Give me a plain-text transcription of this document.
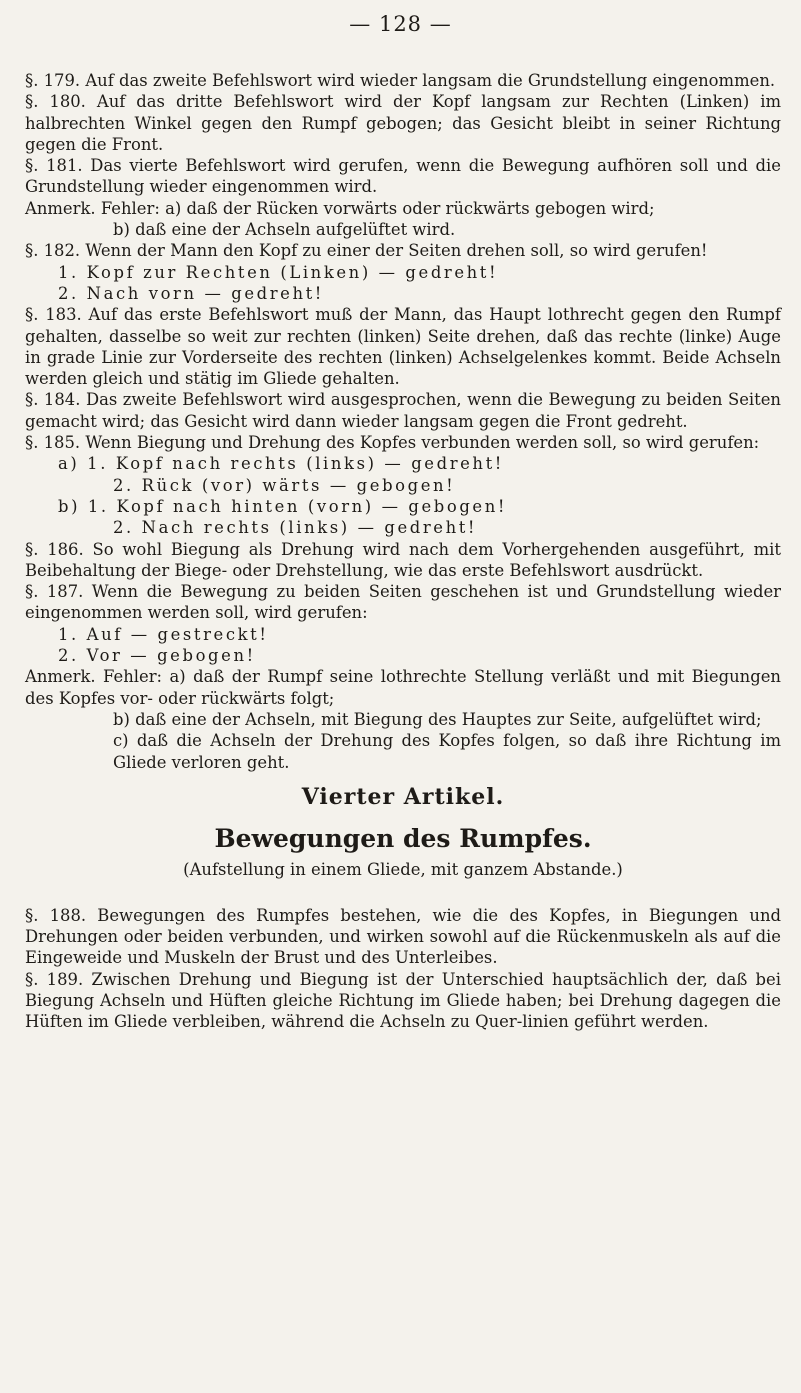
— 128 —

§. 179. Auf das zweite Befehlswort wird wieder langsam die Grundstellung eingenommen.

§. 180. Auf das dritte Befehlswort wird der Kopf langsam zur Rechten (Linken) im halbrechten Winkel gegen den Rumpf gebogen; das Gesicht bleibt in seiner Richtung gegen die Front.

§. 181. Das vierte Befehlswort wird gerufen, wenn die Bewegung aufhören soll und die Grundstellung wieder eingenommen wird.

Anmerk. Fehler: a) daß der Rücken vorwärts oder rückwärts gebogen wird;

b) daß eine der Achseln aufgelüftet wird.

§. 182. Wenn der Mann den Kopf zu einer der Seiten drehen soll, so wird gerufen!

1. Kopf zur Rechten (Linken) — gedreht!

2. Nach vorn — gedreht!

§. 183. Auf das erste Befehlswort muß der Mann, das Haupt lothrecht gegen den Rumpf gehalten, dasselbe so weit zur rechten (linken) Seite drehen, daß das rechte (linke) Auge in grade Linie zur Vorderseite des rechten (linken) Achselgelenkes kommt. Beide Achseln werden gleich und stätig im Gliede gehalten.

§. 184. Das zweite Befehlswort wird ausgesprochen, wenn die Bewegung zu beiden Seiten gemacht wird; das Gesicht wird dann wieder langsam gegen die Front gedreht.

§. 185. Wenn Biegung und Drehung des Kopfes verbunden werden soll, so wird gerufen:

a) 1. Kopf nach rechts (links) — gedreht!

2. Rück (vor) wärts — gebogen!

b) 1. Kopf nach hinten (vorn) — gebogen!

2. Nach rechts (links) — gedreht!

§. 186. So wohl Biegung als Drehung wird nach dem Vorhergehenden ausgeführt, mit Beibehaltung der Biege- oder Drehstellung, wie das erste Befehlswort ausdrückt.

§. 187. Wenn die Bewegung zu beiden Seiten geschehen ist und Grundstellung wieder eingenommen werden soll, wird gerufen:

1. Auf — gestreckt!

2. Vor — gebogen!

Anmerk. Fehler: a) daß der Rumpf seine lothrechte Stellung verläßt und mit Biegungen des Kopfes vor- oder rückwärts folgt;

b) daß eine der Achseln, mit Biegung des Hauptes zur Seite, aufgelüftet wird;

c) daß die Achseln der Drehung des Kopfes folgen, so daß ihre Richtung im Gliede verloren geht.

Vierter Artikel.

Bewegungen des Rumpfes.

(Aufstellung in einem Gliede, mit ganzem Abstande.)

§. 188. Bewegungen des Rumpfes bestehen, wie die des Kopfes, in Biegungen und Drehungen oder beiden verbunden, und wirken sowohl auf die Rückenmuskeln als auf die Eingeweide und Muskeln der Brust und des Unterleibes.

§. 189. Zwischen Drehung und Biegung ist der Unterschied hauptsächlich der, daß bei Biegung Achseln und Hüften gleiche Richtung im Gliede haben; bei Drehung dagegen die Hüften im Gliede verbleiben, während die Achseln zu Quer-linien geführt werden.
